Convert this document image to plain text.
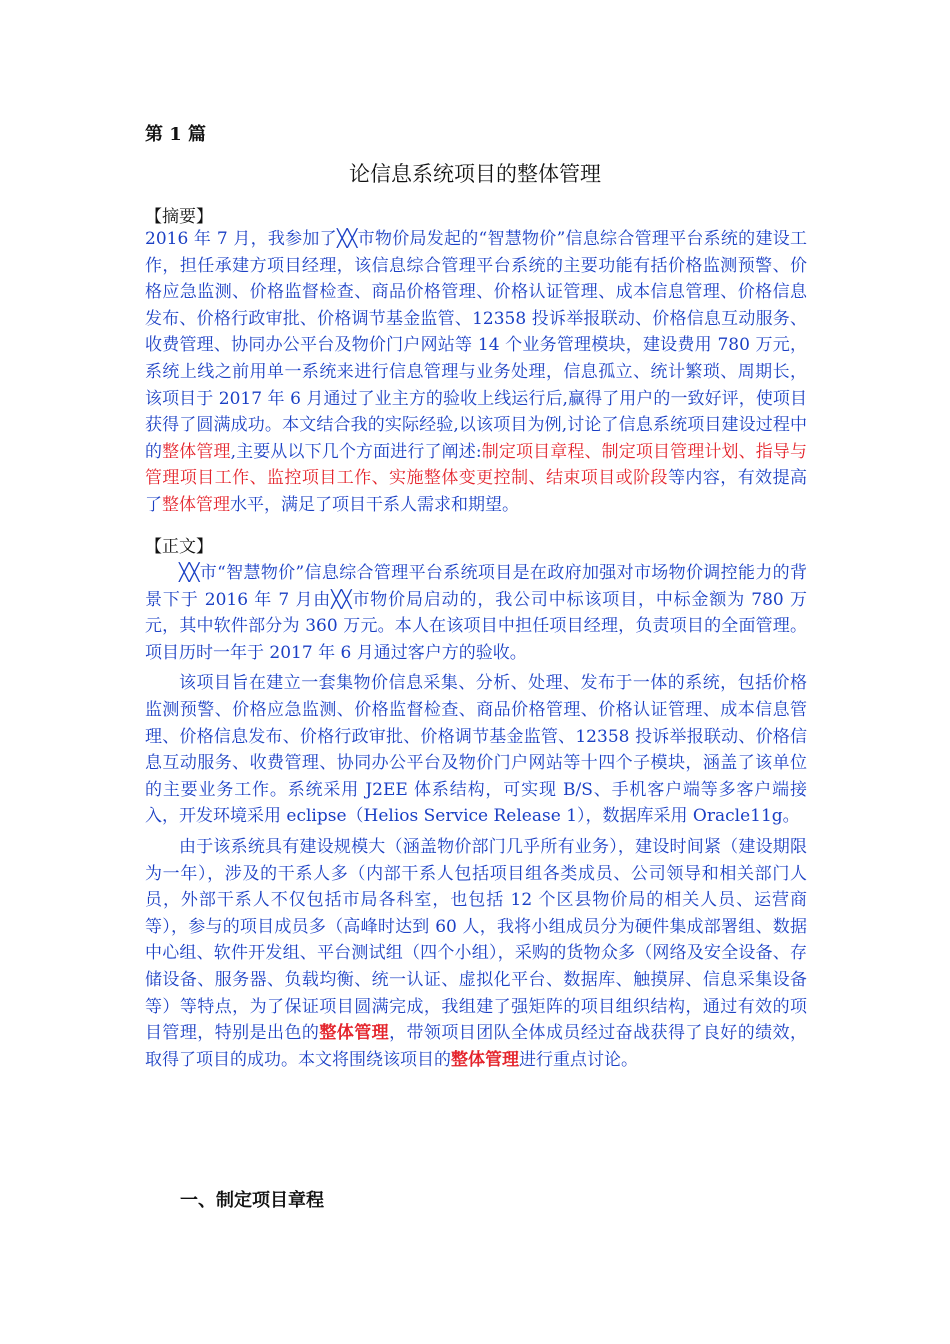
第 1 篇
论信息系统项目的整体管理
【摘要】

2016 年 7 月，我参加了╳╳市物价局发起的“智慧物价”信息综合管理平台系统的建设工作，担任承建方项目经理，该信息综合管理平台系统的主要功能有括价格监测预警、价格应急监测、价格监督检查、商品价格管理、价格认证管理、成本信息管理、价格信息发布、价格行政审批、价格调节基金监管、12358 投诉举报联动、价格信息互动服务、收费管理、协同办公平台及物价门户网站等 14 个业务管理模块，建设费用 780 万元，系统上线之前用单一系统来进行信息管理与业务处理，信息孤立、统计繁琐、周期长，该项目于 2017 年 6 月通过了业主方的验收上线运行后,赢得了用户的一致好评，使项目获得了圆满成功。本文结合我的实际经验,以该项目为例,讨论了信息系统项目建设过程中的整体管理,主要从以下几个方面进行了阐述:制定项目章程、制定项目管理计划、指导与管理项目工作、监控项目工作、实施整体变更控制、结束项目或阶段等内容，有效提高了整体管理水平，满足了项目干系人需求和期望。

【正文】

╳╳市“智慧物价”信息综合管理平台系统项目是在政府加强对市场物价调控能力的背景下于 2016 年 7 月由╳╳市物价局启动的，我公司中标该项目，中标金额为 780 万元，其中软件部分为 360 万元。本人在该项目中担任项目经理，负责项目的全面管理。项目历时一年于 2017 年 6 月通过客户方的验收。

该项目旨在建立一套集物价信息采集、分析、处理、发布于一体的系统，包括价格监测预警、价格应急监测、价格监督检查、商品价格管理、价格认证管理、成本信息管理、价格信息发布、价格行政审批、价格调节基金监管、12358 投诉举报联动、价格信息互动服务、收费管理、协同办公平台及物价门户网站等十四个子模块，涵盖了该单位的主要业务工作。系统采用 J2EE 体系结构，可实现 B/S、手机客户端等多客户端接入，开发环境采用 eclipse（Helios Service Release 1），数据库采用 Oracle11g。

由于该系统具有建设规模大（涵盖物价部门几乎所有业务），建设时间紧（建设期限为一年），涉及的干系人多（内部干系人包括项目组各类成员、公司领导和相关部门人员，外部干系人不仅包括市局各科室，也包括 12 个区县物价局的相关人员、运营商等），参与的项目成员多（高峰时达到 60 人，我将小组成员分为硬件集成部署组、数据中心组、软件开发组、平台测试组（四个小组），采购的货物众多（网络及安全设备、存储设备、服务器、负载均衡、统一认证、虚拟化平台、数据库、触摸屏、信息采集设备等）等特点，为了保证项目圆满完成，我组建了强矩阵的项目组织结构，通过有效的项目管理，特别是出色的整体管理，带领项目团队全体成员经过奋战获得了良好的绩效，取得了项目的成功。本文将围绕该项目的整体管理进行重点讨论。

一、制定项目章程
